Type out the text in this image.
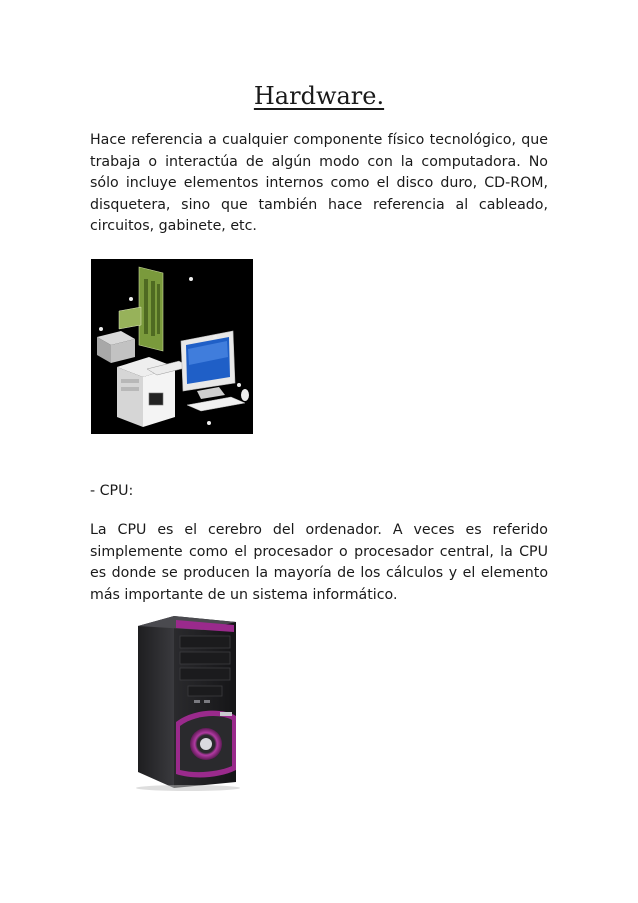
Hardware.
Hace referencia a cualquier componente físico tecnológico, que trabaja o interactúa de algún modo con la computadora. No sólo incluye elementos internos como el disco duro, CD-ROM, disquetera, sino que también hace referencia al cableado, circuitos, gabinete, etc.
- CPU:
La CPU es el cerebro del ordenador. A veces es referido simplemente como el procesador o procesador central, la CPU es donde se producen la mayoría de los cálculos y el elemento más importante de un sistema informático.
